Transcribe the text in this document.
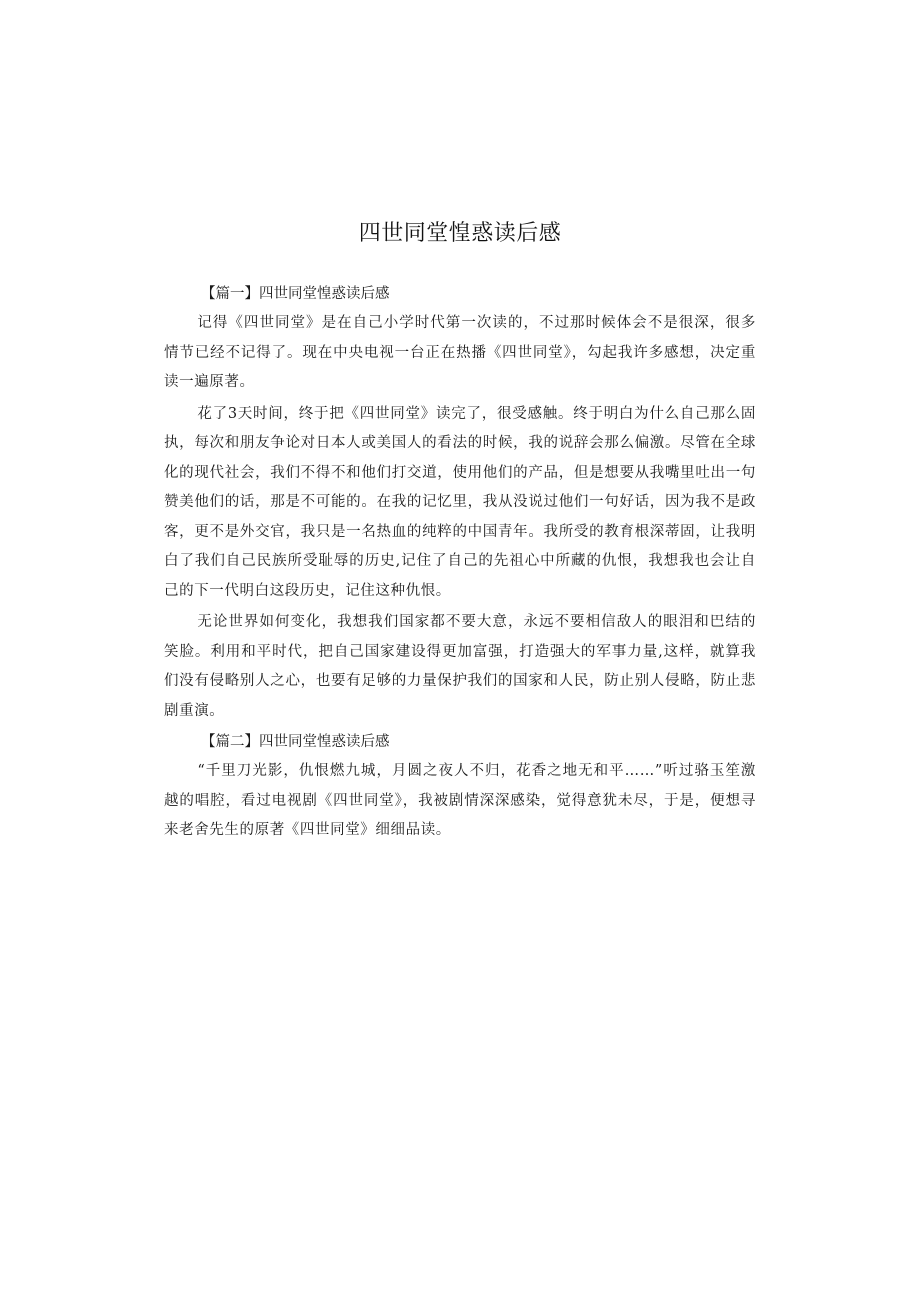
四世同堂惶惑读后感

【篇一】四世同堂惶惑读后感

记得《四世同堂》是在自己小学时代第一次读的，不过那时候体会不是很深，很多情节已经不记得了。现在中央电视一台正在热播《四世同堂》，勾起我许多感想，决定重读一遍原著。

花了3天时间，终于把《四世同堂》读完了，很受感触。终于明白为什么自己那么固执，每次和朋友争论对日本人或美国人的看法的时候，我的说辞会那么偏激。尽管在全球化的现代社会，我们不得不和他们打交道，使用他们的产品，但是想要从我嘴里吐出一句赞美他们的话，那是不可能的。在我的记忆里，我从没说过他们一句好话，因为我不是政客，更不是外交官，我只是一名热血的纯粹的中国青年。我所受的教育根深蒂固，让我明白了我们自己民族所受耻辱的历史,记住了自己的先祖心中所藏的仇恨，我想我也会让自己的下一代明白这段历史，记住这种仇恨。

无论世界如何变化，我想我们国家都不要大意，永远不要相信敌人的眼泪和巴结的笑脸。利用和平时代，把自己国家建设得更加富强，打造强大的军事力量,这样，就算我们没有侵略别人之心，也要有足够的力量保护我们的国家和人民，防止别人侵略，防止悲剧重演。

【篇二】四世同堂惶惑读后感

“千里刀光影，仇恨燃九城，月圆之夜人不归，花香之地无和平……”听过骆玉笙激越的唱腔，看过电视剧《四世同堂》，我被剧情深深感染，觉得意犹未尽，于是，便想寻来老舍先生的原著《四世同堂》细细品读。
